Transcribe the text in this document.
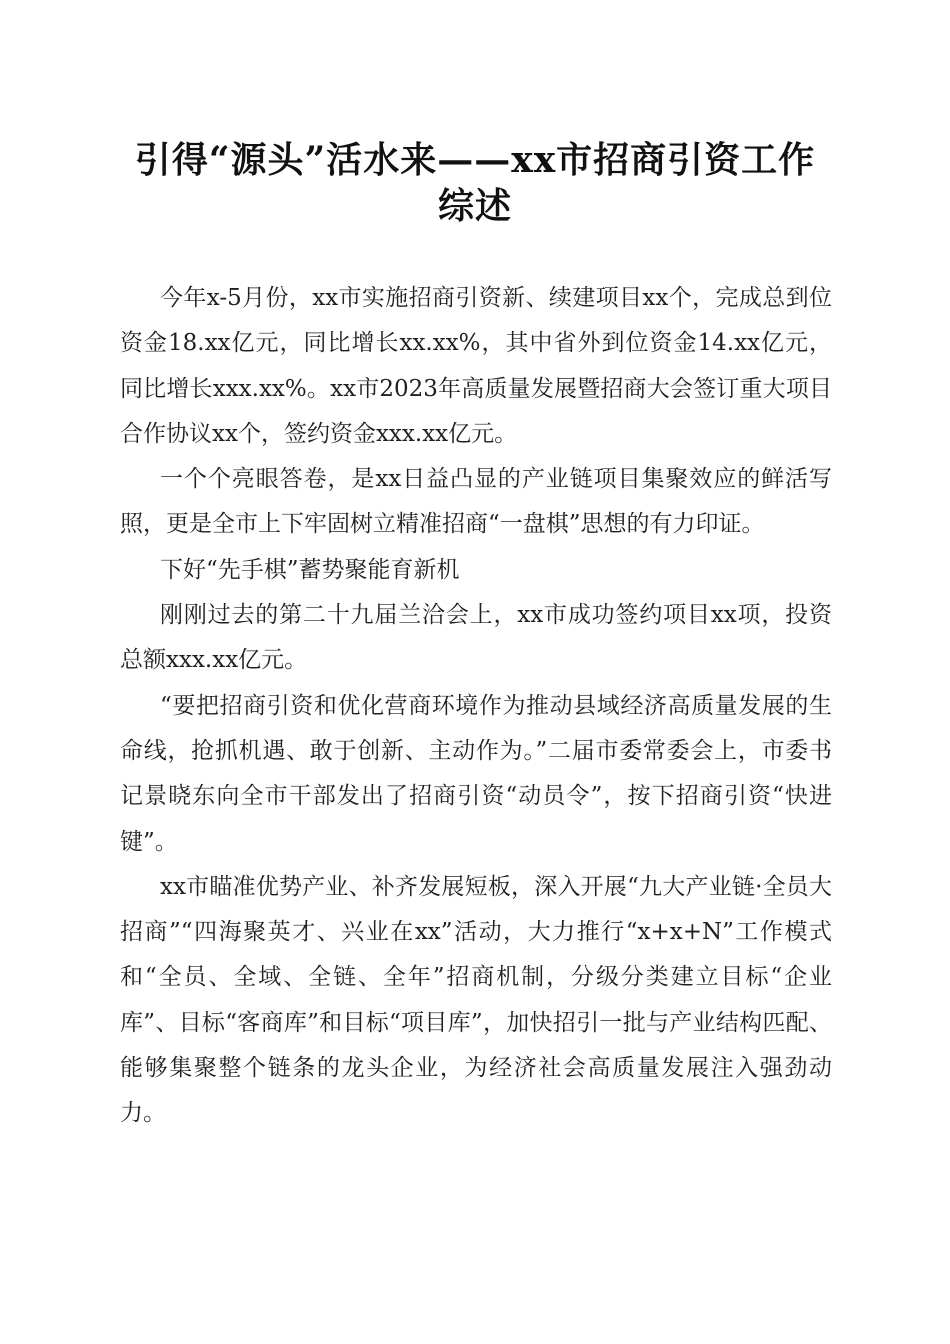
引得“源头”活水来——xx市招商引资工作
综述

今年x-5月份，xx市实施招商引资新、续建项目xx个，完成总到位资金18.xx亿元，同比增长xx.xx%，其中省外到位资金14.xx亿元，同比增长xxx.xx%。xx市2023年高质量发展暨招商大会签订重大项目合作协议xx个，签约资金xxx.xx亿元。

一个个亮眼答卷，是xx日益凸显的产业链项目集聚效应的鲜活写照，更是全市上下牢固树立精准招商“一盘棋”思想的有力印证。

下好“先手棋”蓄势聚能育新机

刚刚过去的第二十九届兰洽会上，xx市成功签约项目xx项，投资总额xxx.xx亿元。

“要把招商引资和优化营商环境作为推动县域经济高质量发展的生命线，抢抓机遇、敢于创新、主动作为。”二届市委常委会上，市委书记景晓东向全市干部发出了招商引资“动员令”，按下招商引资“快进键”。

xx市瞄准优势产业、补齐发展短板，深入开展“九大产业链·全员大招商”“四海聚英才、兴业在xx”活动，大力推行“x+x+N”工作模式和“全员、全域、全链、全年”招商机制，分级分类建立目标“企业库”、目标“客商库”和目标“项目库”，加快招引一批与产业结构匹配、能够集聚整个链条的龙头企业，为经济社会高质量发展注入强劲动力。
